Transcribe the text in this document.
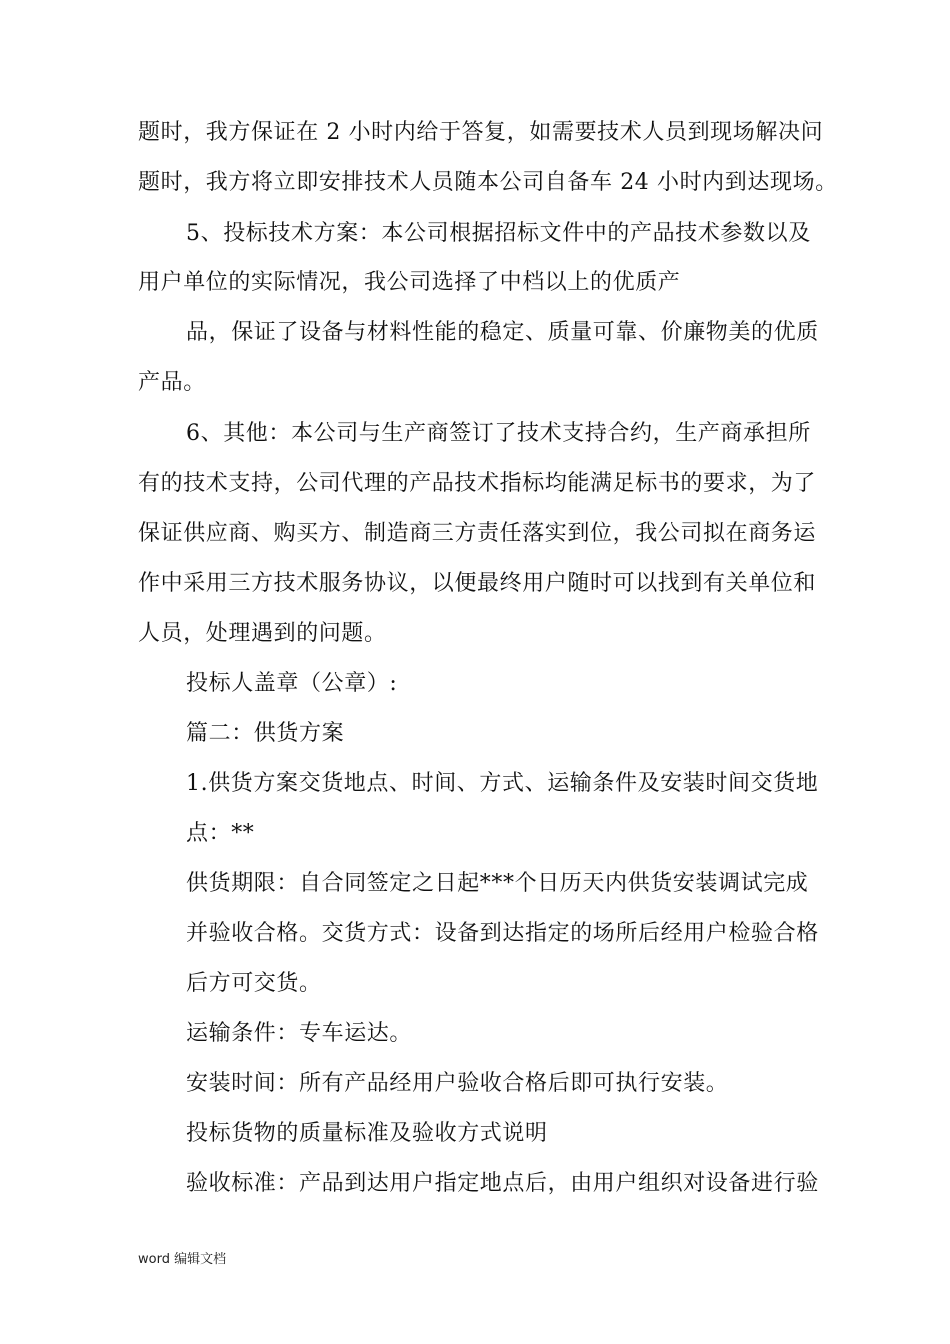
题时，我方保证在 2 小时内给于答复，如需要技术人员到现场解决问
题时，我方将立即安排技术人员随本公司自备车 24 小时内到达现场。
5、投标技术方案：本公司根据招标文件中的产品技术参数以及
用户单位的实际情况，我公司选择了中档以上的优质产
品，保证了设备与材料性能的稳定、质量可靠、价廉物美的优质
产品。
6、其他：本公司与生产商签订了技术支持合约，生产商承担所
有的技术支持，公司代理的产品技术指标均能满足标书的要求，为了
保证供应商、购买方、制造商三方责任落实到位，我公司拟在商务运
作中采用三方技术服务协议，以便最终用户随时可以找到有关单位和
人员，处理遇到的问题。
投标人盖章（公章）:
篇二：供货方案
1.供货方案交货地点、时间、方式、运输条件及安装时间交货地
点：**
供货期限：自合同签定之日起***个日历天内供货安装调试完成
并验收合格。交货方式：设备到达指定的场所后经用户检验合格
后方可交货。
运输条件：专车运达。
安装时间：所有产品经用户验收合格后即可执行安装。
投标货物的质量标准及验收方式说明
验收标准：产品到达用户指定地点后，由用户组织对设备进行验
word 编辑文档
